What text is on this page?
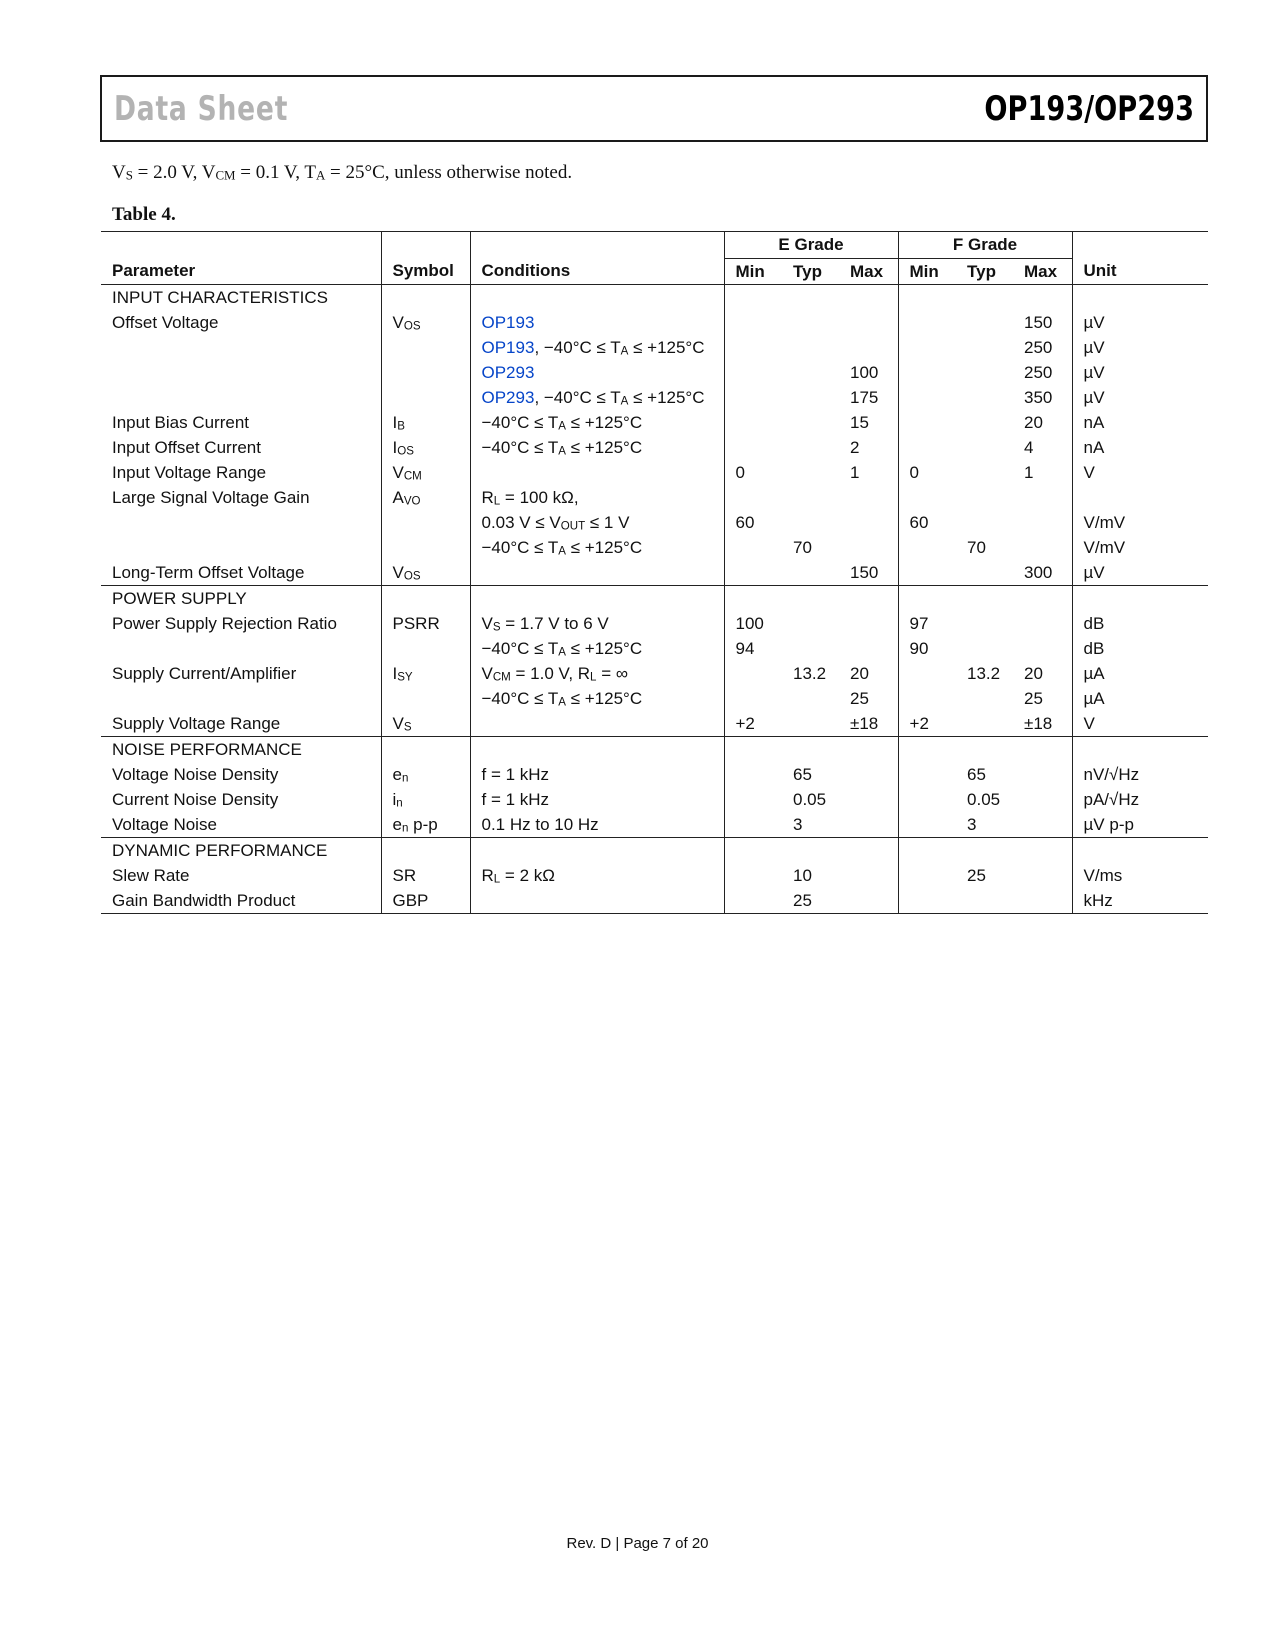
Data Sheet	OP193/OP293
$V_S = 2.0$ V, $V_{CM} = 0.1$ V, $T_A = 25^\circ C$, unless otherwise noted.
Table 4.
			E Grade			F Grade			
Parameter	Symbol	Conditions	Min	Typ	Max	Min	Typ	Max	Unit
INPUT CHARACTERISTICS									
Offset Voltage	$V_{OS}$	OP193						150	µV
		OP193, $-40^\circ C \le T_A \le +125^\circ C$						250	µV
		OP293			100			250	µV
		OP293, $-40^\circ C \le T_A \le +125^\circ C$			175			350	µV
Input Bias Current	$I_B$	$-40^\circ C \le T_A \le +125^\circ C$			15			20	nA
Input Offset Current	$I_{OS}$	$-40^\circ C \le T_A \le +125^\circ C$			2			4	nA
Input Voltage Range	$V_{CM}$		0		1	0		1	V
Large Signal Voltage Gain	$A_{VO}$	$R_L = 100$ kΩ,							
		0.03 $V \le V_{OUT} \le 1$ V	60			60			V/mV
		$-40^\circ C \le T_A \le +125^\circ C$		70			70		V/mV
Long-Term Offset Voltage	$V_{OS}$				150			300	µV
POWER SUPPLY									
Power Supply Rejection Ratio	PSRR	$V_S = 1.7$ V to 6 V	100			97			dB
		$-40^\circ C \le T_A \le +125^\circ C$	94			90			dB
Supply Current/Amplifier	$I_{SY}$	$V_{CM} = 1.0$ V, $R_L$ = ∞		13.2	20		13.2	20	µA
		$-40^\circ C \le T_A \le +125^\circ C$			25			25	µA
Supply Voltage Range	$V_S$		+2		±18	+2		±18	V
NOISE PERFORMANCE									
Voltage Noise Density	$e_n$	f = 1 kHz		65			65		nV/√Hz
Current Noise Density	$i_n$	f = 1 kHz		0.05			0.05		pA/√Hz
Voltage Noise	$e_n$ p-p	0.1 Hz to 10 Hz		3			3		µV p-p
DYNAMIC PERFORMANCE									
Slew Rate	SR	$R_L = 2$ kΩ		10			25		V/ms
Gain Bandwidth Product	GBP			25					kHz
Rev. D | Page 7 of 20
